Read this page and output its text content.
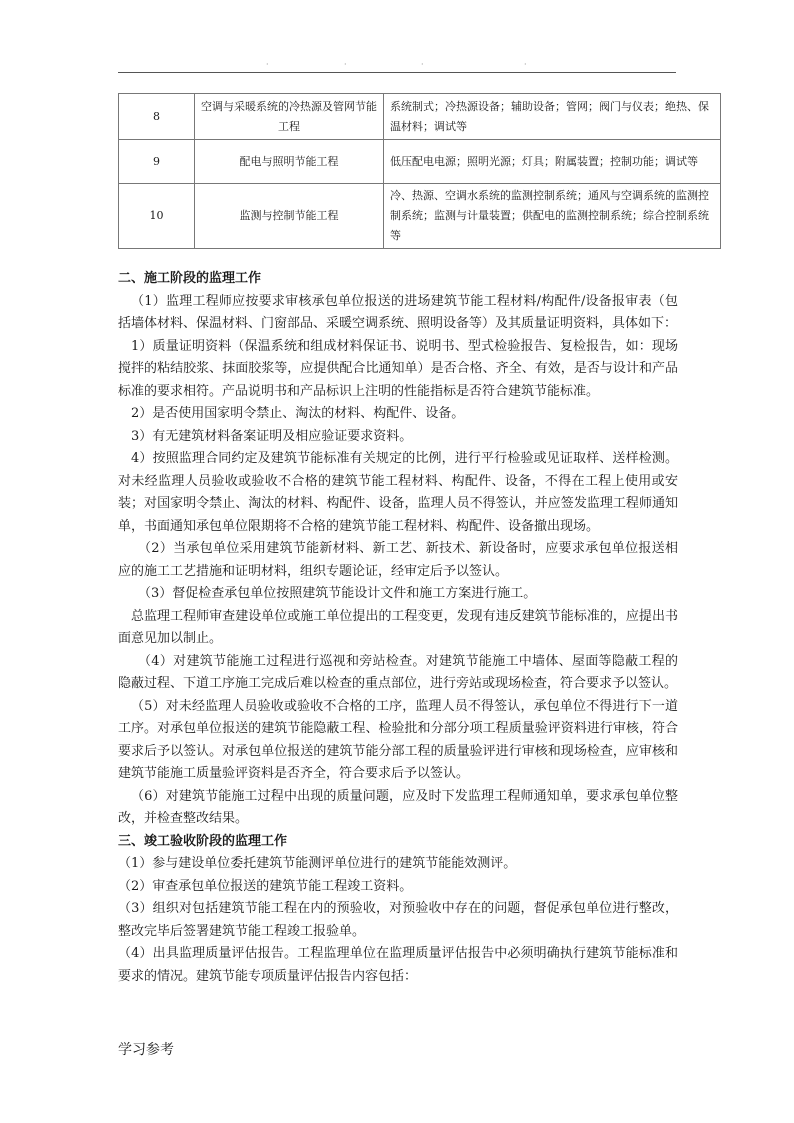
·	·	·	·
8	空调与采暖系统的冷热源及管网节能工程	系统制式；冷热源设备；辅助设备；管网；阀门与仪表；绝热、保温材料；调试等
9	配电与照明节能工程	低压配电电源；照明光源；灯具；附属装置；控制功能；调试等
10	监测与控制节能工程	冷、热源、空调水系统的监测控制系统；通风与空调系统的监测控制系统；监测与计量装置；供配电的监测控制系统；综合控制系统等

二、施工阶段的监理工作

（1）监理工程师应按要求审核承包单位报送的进场建筑节能工程材料/构配件/设备报审表（包括墙体材料、保温材料、门窗部品、采暖空调系统、照明设备等）及其质量证明资料，具体如下：

1）质量证明资料（保温系统和组成材料保证书、说明书、型式检验报告、复检报告，如：现场搅拌的粘结胶浆、抹面胶浆等，应提供配合比通知单）是否合格、齐全、有效，是否与设计和产品标准的要求相符。产品说明书和产品标识上注明的性能指标是否符合建筑节能标准。

2）是否使用国家明令禁止、淘汰的材料、构配件、设备。

3）有无建筑材料备案证明及相应验证要求资料。

4）按照监理合同约定及建筑节能标准有关规定的比例，进行平行检验或见证取样、送样检测。对未经监理人员验收或验收不合格的建筑节能工程材料、构配件、设备，不得在工程上使用或安装；对国家明令禁止、淘汰的材料、构配件、设备，监理人员不得签认，并应签发监理工程师通知单，书面通知承包单位限期将不合格的建筑节能工程材料、构配件、设备撤出现场。

（2）当承包单位采用建筑节能新材料、新工艺、新技术、新设备时，应要求承包单位报送相应的施工工艺措施和证明材料，组织专题论证，经审定后予以签认。

（3）督促检查承包单位按照建筑节能设计文件和施工方案进行施工。

总监理工程师审查建设单位或施工单位提出的工程变更，发现有违反建筑节能标准的，应提出书面意见加以制止。

（4）对建筑节能施工过程进行巡视和旁站检查。对建筑节能施工中墙体、屋面等隐蔽工程的隐蔽过程、下道工序施工完成后难以检查的重点部位，进行旁站或现场检查，符合要求予以签认。

（5）对未经监理人员验收或验收不合格的工序，监理人员不得签认，承包单位不得进行下一道工序。对承包单位报送的建筑节能隐蔽工程、检验批和分部分项工程质量验评资料进行审核，符合要求后予以签认。对承包单位报送的建筑节能分部工程的质量验评进行审核和现场检查，应审核和建筑节能施工质量验评资料是否齐全，符合要求后予以签认。

（6）对建筑节能施工过程中出现的质量问题，应及时下发监理工程师通知单，要求承包单位整改，并检查整改结果。

三、竣工验收阶段的监理工作

（1）参与建设单位委托建筑节能测评单位进行的建筑节能能效测评。

（2）审查承包单位报送的建筑节能工程竣工资料。

（3）组织对包括建筑节能工程在内的预验收，对预验收中存在的问题，督促承包单位进行整改，整改完毕后签署建筑节能工程竣工报验单。

（4）出具监理质量评估报告。工程监理单位在监理质量评估报告中必须明确执行建筑节能标准和要求的情况。建筑节能专项质量评估报告内容包括：

学习参考
